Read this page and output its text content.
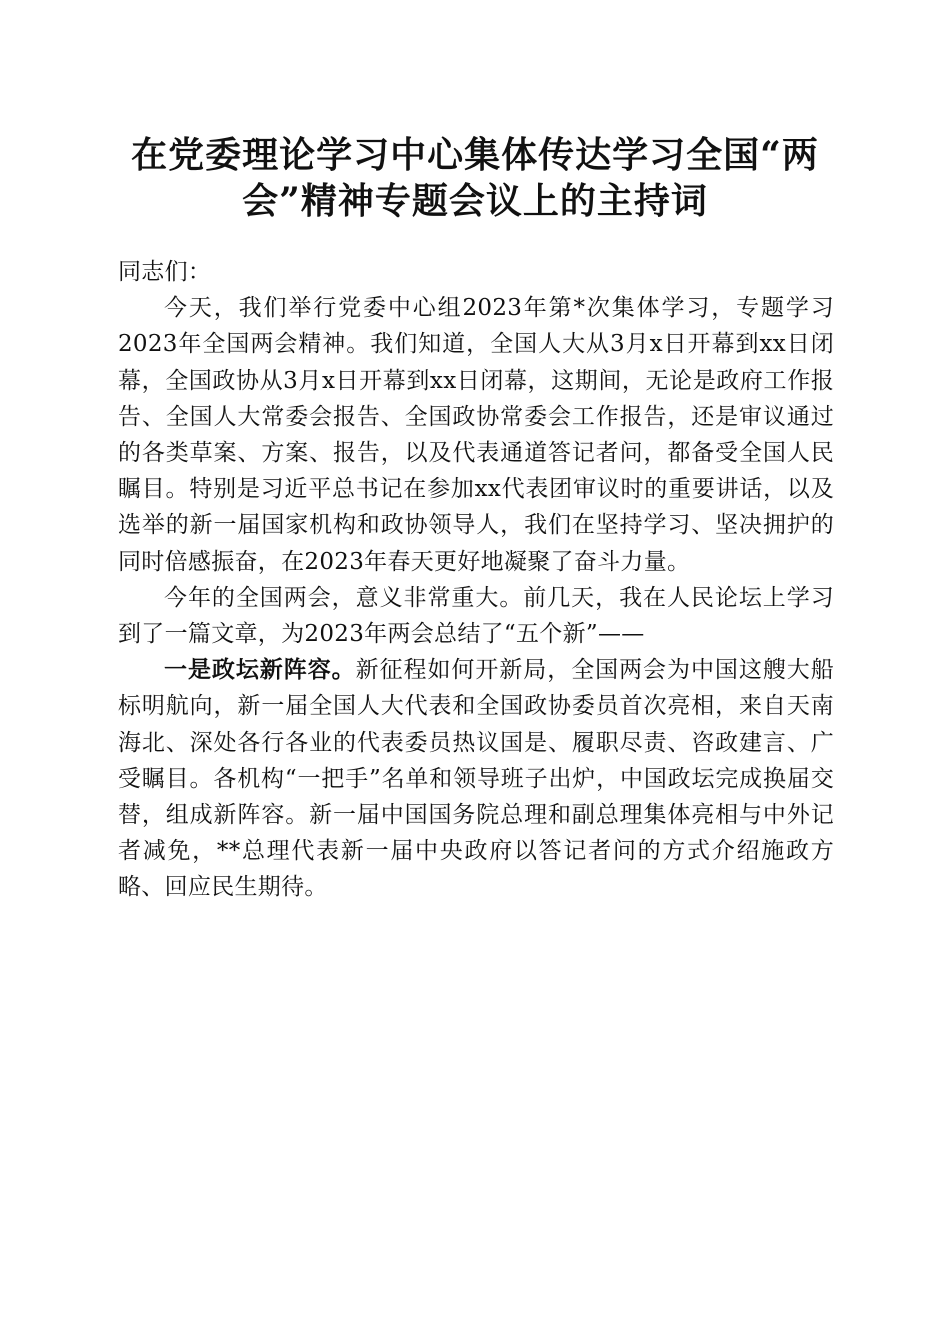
在党委理论学习中心集体传达学习全国“两会”精神专题会议上的主持词

同志们：

今天，我们举行党委中心组2023年第*次集体学习，专题学习2023年全国两会精神。我们知道，全国人大从3月x日开幕到xx日闭幕，全国政协从3月x日开幕到xx日闭幕，这期间，无论是政府工作报告、全国人大常委会报告、全国政协常委会工作报告，还是审议通过的各类草案、方案、报告，以及代表通道答记者问，都备受全国人民瞩目。特别是习近平总书记在参加xx代表团审议时的重要讲话，以及选举的新一届国家机构和政协领导人，我们在坚持学习、坚决拥护的同时倍感振奋，在2023年春天更好地凝聚了奋斗力量。

今年的全国两会，意义非常重大。前几天，我在人民论坛上学习到了一篇文章，为2023年两会总结了“五个新”——

一是政坛新阵容。新征程如何开新局，全国两会为中国这艘大船标明航向，新一届全国人大代表和全国政协委员首次亮相，来自天南海北、深处各行各业的代表委员热议国是、履职尽责、咨政建言、广受瞩目。各机构“一把手”名单和领导班子出炉，中国政坛完成换届交替，组成新阵容。新一届中国国务院总理和副总理集体亮相与中外记者减免，**总理代表新一届中央政府以答记者问的方式介绍施政方略、回应民生期待。
